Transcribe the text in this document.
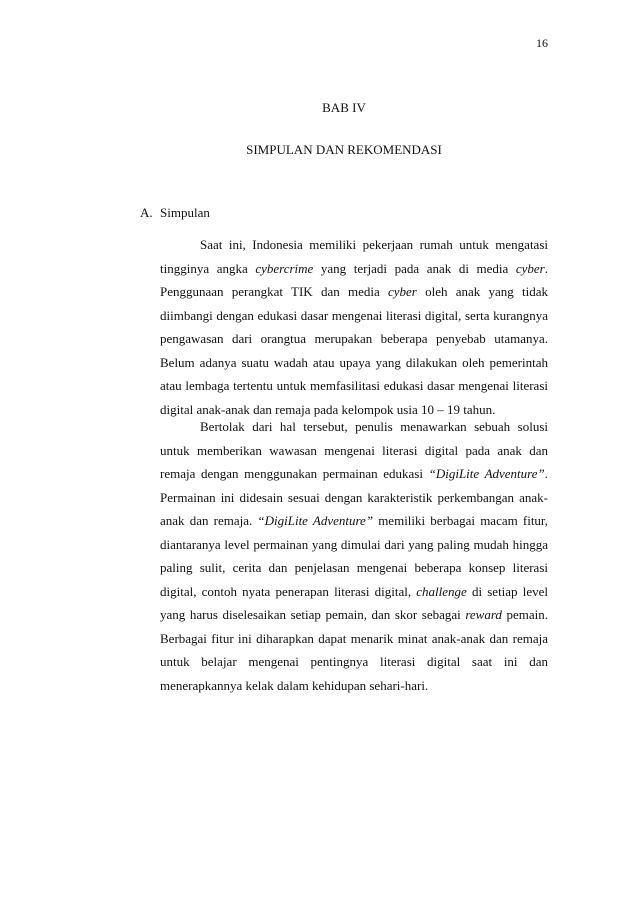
16
BAB IV
SIMPULAN DAN REKOMENDASI
A. Simpulan

Saat ini, Indonesia memiliki pekerjaan rumah untuk mengatasi tingginya angka cybercrime yang terjadi pada anak di media cyber. Penggunaan perangkat TIK dan media cyber oleh anak yang tidak diimbangi dengan edukasi dasar mengenai literasi digital, serta kurangnya pengawasan dari orangtua merupakan beberapa penyebab utamanya. Belum adanya suatu wadah atau upaya yang dilakukan oleh pemerintah atau lembaga tertentu untuk memfasilitasi edukasi dasar mengenai literasi digital anak-anak dan remaja pada kelompok usia 10 – 19 tahun.

Bertolak dari hal tersebut, penulis menawarkan sebuah solusi untuk memberikan wawasan mengenai literasi digital pada anak dan remaja dengan menggunakan permainan edukasi “DigiLite Adventure”. Permainan ini didesain sesuai dengan karakteristik perkembangan anak-anak dan remaja. “DigiLite Adventure” memiliki berbagai macam fitur, diantaranya level permainan yang dimulai dari yang paling mudah hingga paling sulit, cerita dan penjelasan mengenai beberapa konsep literasi digital, contoh nyata penerapan literasi digital, challenge di setiap level yang harus diselesaikan setiap pemain, dan skor sebagai reward pemain. Berbagai fitur ini diharapkan dapat menarik minat anak-anak dan remaja untuk belajar mengenai pentingnya literasi digital saat ini dan menerapkannya kelak dalam kehidupan sehari-hari.
